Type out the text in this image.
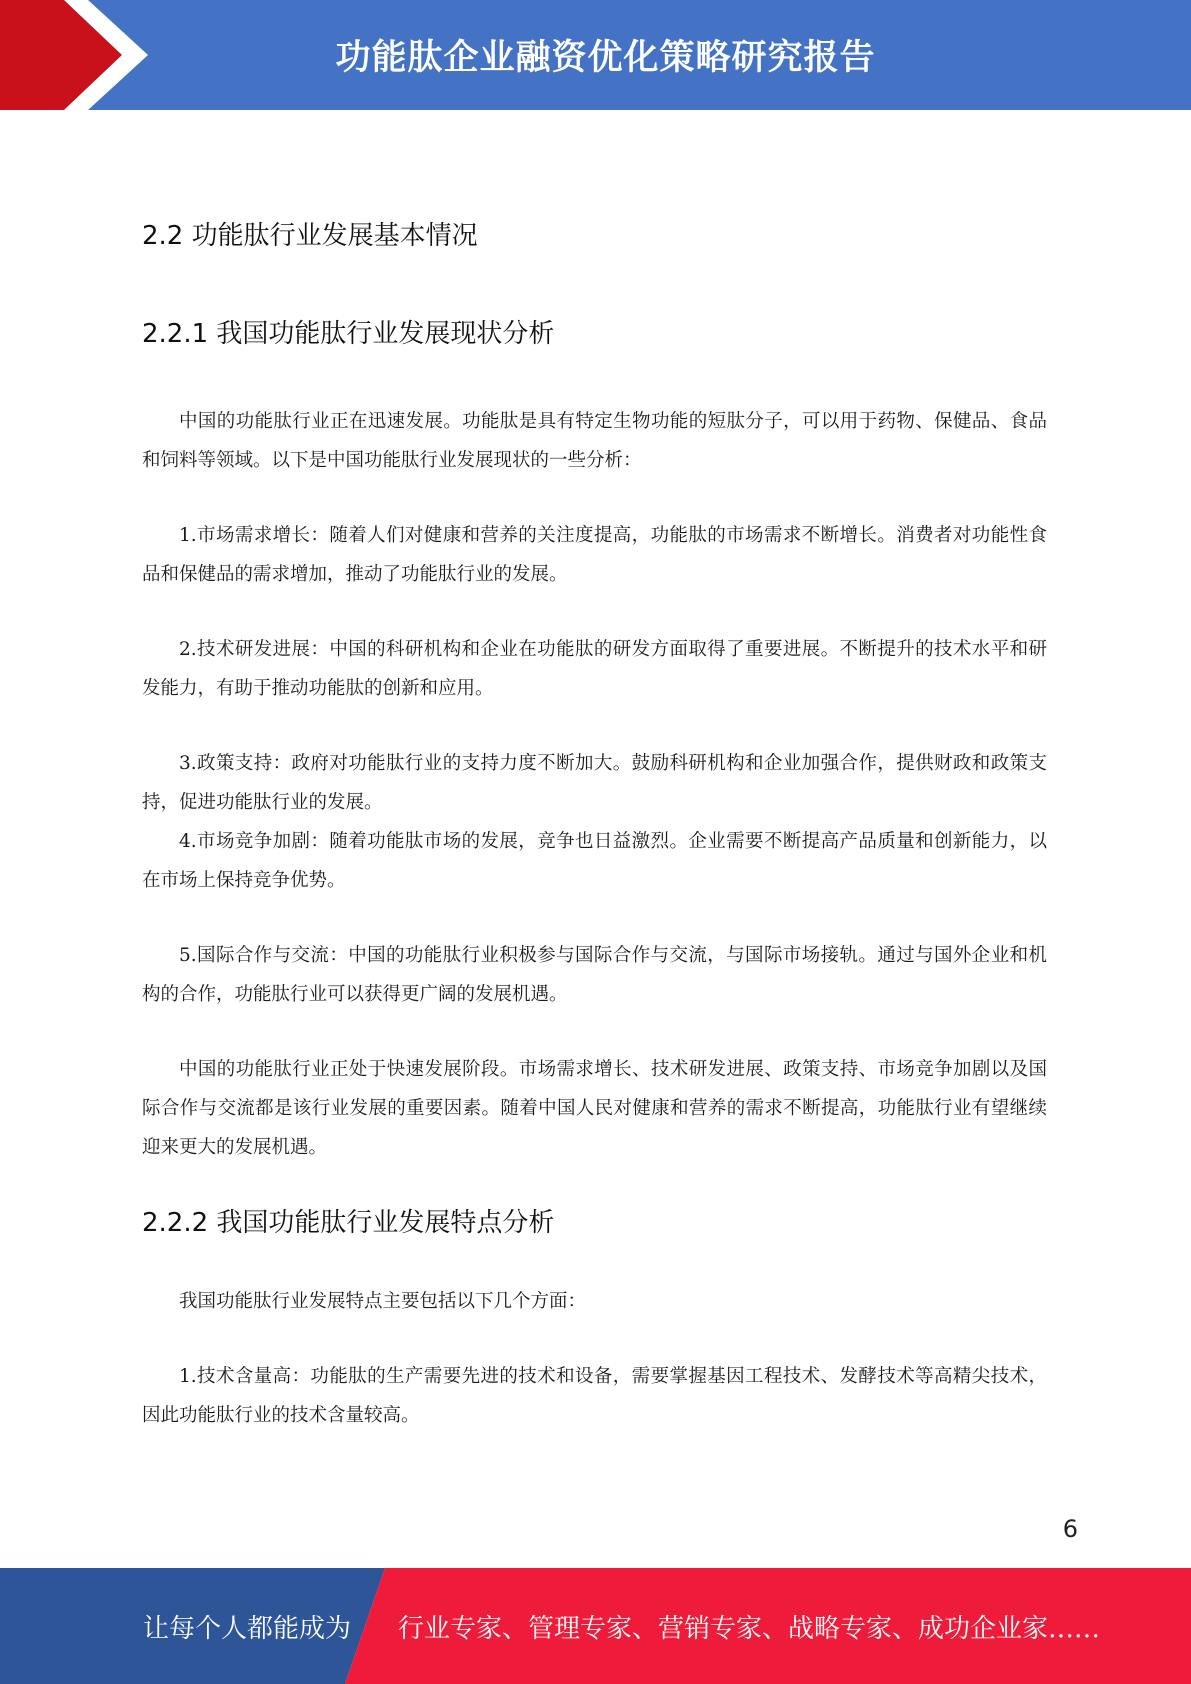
功能肽企业融资优化策略研究报告
2.2 功能肽行业发展基本情况
2.2.1 我国功能肽行业发展现状分析

中国的功能肽行业正在迅速发展。功能肽是具有特定生物功能的短肽分子，可以用于药物、保健品、食品和饲料等领域。以下是中国功能肽行业发展现状的一些分析：

1.市场需求增长：随着人们对健康和营养的关注度提高，功能肽的市场需求不断增长。消费者对功能性食品和保健品的需求增加，推动了功能肽行业的发展。

2.技术研发进展：中国的科研机构和企业在功能肽的研发方面取得了重要进展。不断提升的技术水平和研发能力，有助于推动功能肽的创新和应用。

3.政策支持：政府对功能肽行业的支持力度不断加大。鼓励科研机构和企业加强合作，提供财政和政策支持，促进功能肽行业的发展。

4.市场竞争加剧：随着功能肽市场的发展，竞争也日益激烈。企业需要不断提高产品质量和创新能力，以在市场上保持竞争优势。

5.国际合作与交流：中国的功能肽行业积极参与国际合作与交流，与国际市场接轨。通过与国外企业和机构的合作，功能肽行业可以获得更广阔的发展机遇。

中国的功能肽行业正处于快速发展阶段。市场需求增长、技术研发进展、政策支持、市场竞争加剧以及国际合作与交流都是该行业发展的重要因素。随着中国人民对健康和营养的需求不断提高，功能肽行业有望继续迎来更大的发展机遇。

2.2.2 我国功能肽行业发展特点分析

我国功能肽行业发展特点主要包括以下几个方面：

1.技术含量高：功能肽的生产需要先进的技术和设备，需要掌握基因工程技术、发酵技术等高精尖技术，因此功能肽行业的技术含量较高。

6
让每个人都能成为 行业专家、管理专家、营销专家、战略专家、成功企业家……
